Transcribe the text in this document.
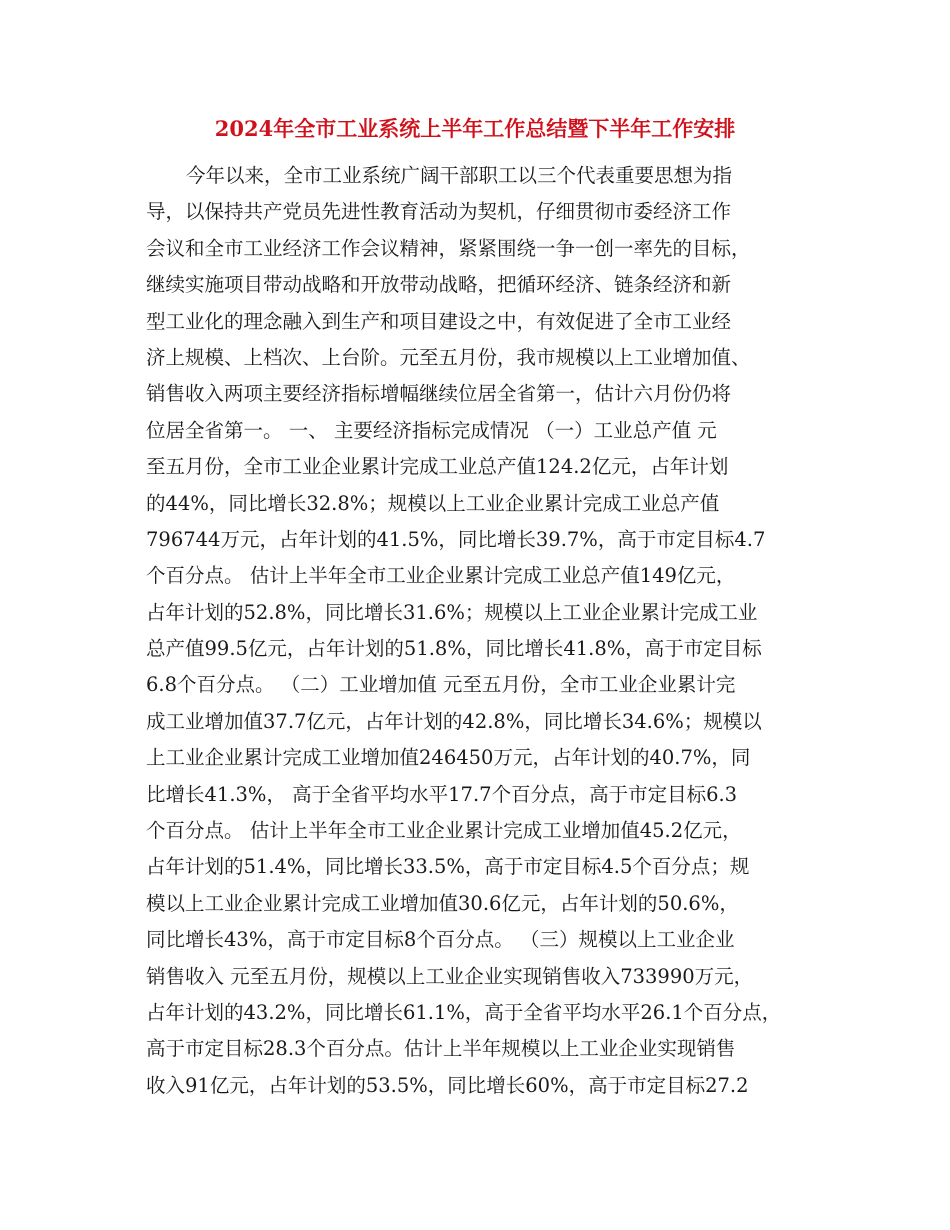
2024年全市工业系统上半年工作总结暨下半年工作安排
今年以来，全市工业系统广阔干部职工以三个代表重要思想为指
导，以保持共产党员先进性教育活动为契机，仔细贯彻市委经济工作
会议和全市工业经济工作会议精神，紧紧围绕一争一创一率先的目标，
继续实施项目带动战略和开放带动战略，把循环经济、链条经济和新
型工业化的理念融入到生产和项目建设之中，有效促进了全市工业经
济上规模、上档次、上台阶。元至五月份，我市规模以上工业增加值、
销售收入两项主要经济指标增幅继续位居全省第一，估计六月份仍将
位居全省第一。 一、 主要经济指标完成情况 （一）工业总产值 元
至五月份，全市工业企业累计完成工业总产值124.2亿元，占年计划
的44%，同比增长32.8%；规模以上工业企业累计完成工业总产值
796744万元，占年计划的41.5%，同比增长39.7%，高于市定目标4.7
个百分点。 估计上半年全市工业企业累计完成工业总产值149亿元，
占年计划的52.8%，同比增长31.6%；规模以上工业企业累计完成工业
总产值99.5亿元，占年计划的51.8%，同比增长41.8%，高于市定目标
6.8个百分点。 （二）工业增加值 元至五月份，全市工业企业累计完
成工业增加值37.7亿元，占年计划的42.8%，同比增长34.6%；规模以
上工业企业累计完成工业增加值246450万元，占年计划的40.7%，同
比增长41.3%， 高于全省平均水平17.7个百分点，高于市定目标6.3
个百分点。 估计上半年全市工业企业累计完成工业增加值45.2亿元，
占年计划的51.4%，同比增长33.5%，高于市定目标4.5个百分点；规
模以上工业企业累计完成工业增加值30.6亿元，占年计划的50.6%，
同比增长43%，高于市定目标8个百分点。 （三）规模以上工业企业
销售收入 元至五月份，规模以上工业企业实现销售收入733990万元，
占年计划的43.2%，同比增长61.1%，高于全省平均水平26.1个百分点，
高于市定目标28.3个百分点。估计上半年规模以上工业企业实现销售
收入91亿元，占年计划的53.5%，同比增长60%，高于市定目标27.2
